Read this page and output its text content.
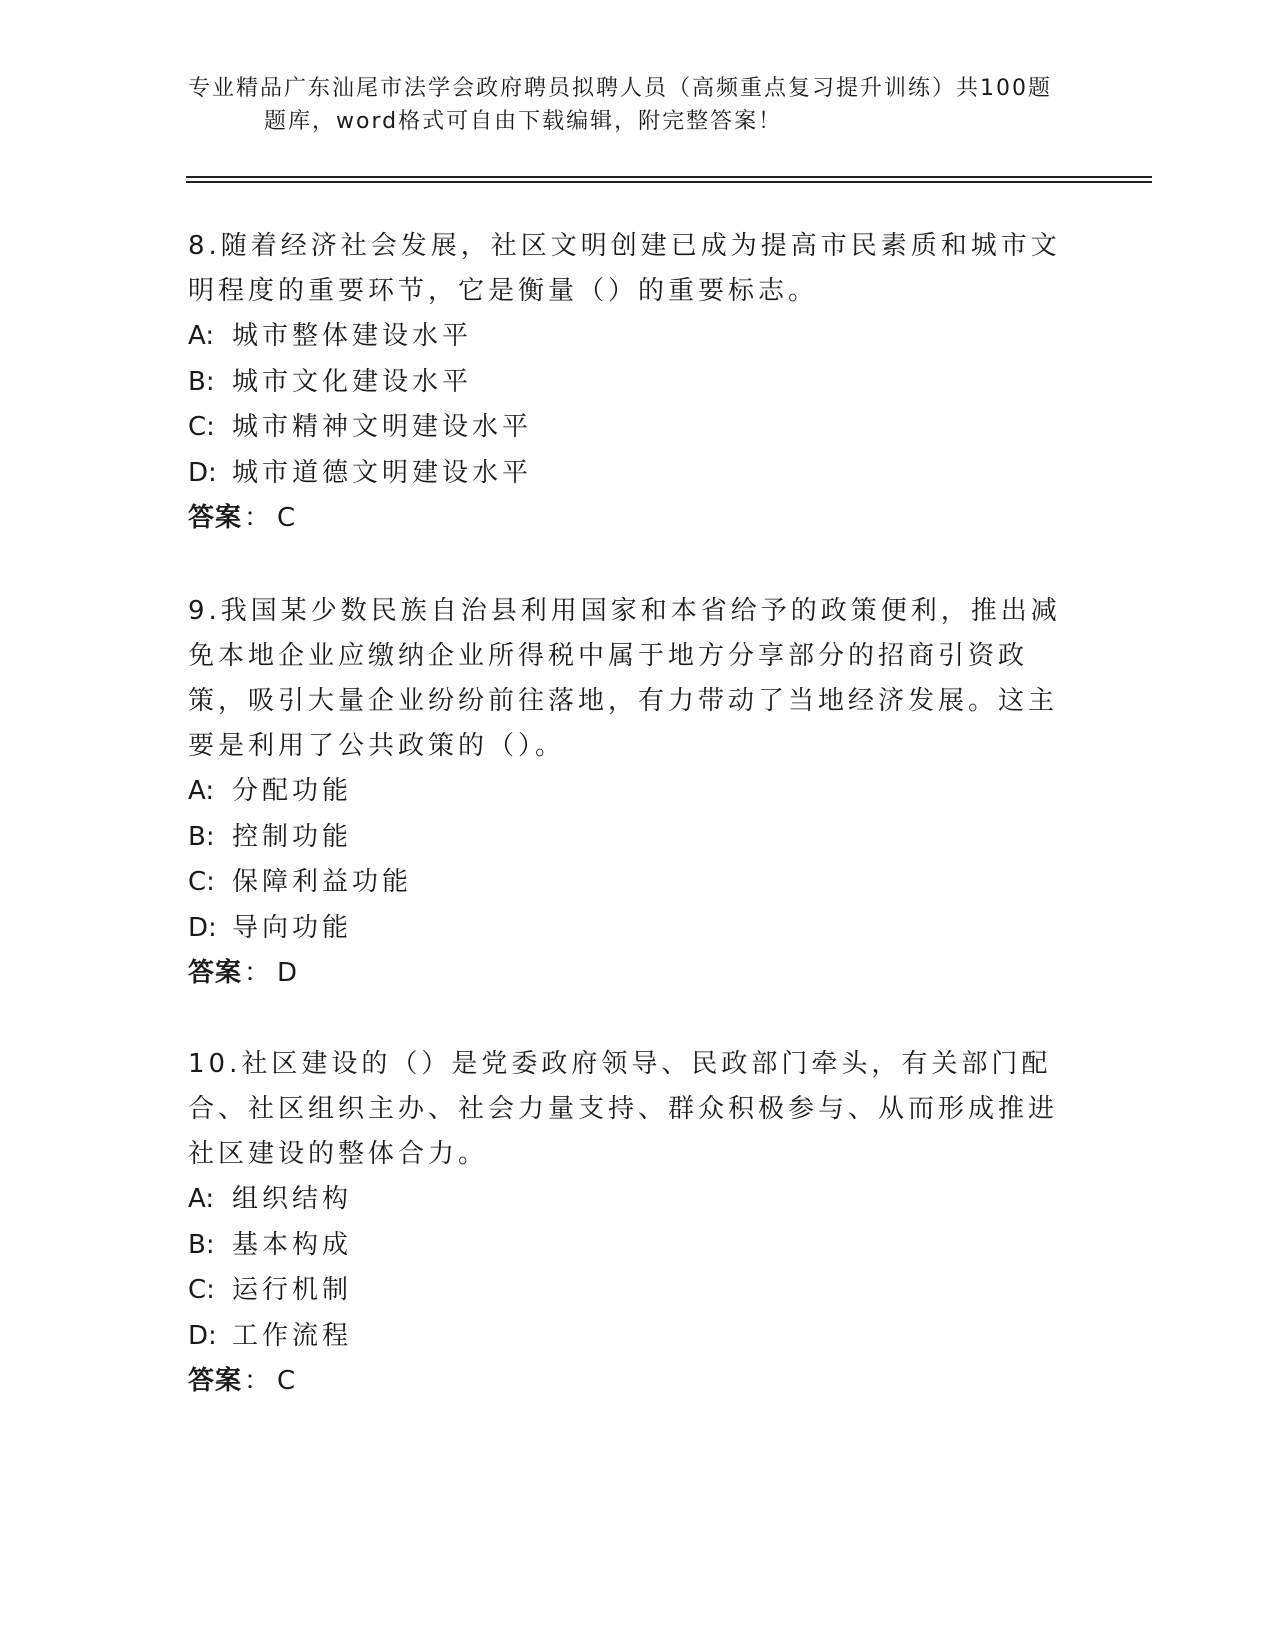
专业精品广东汕尾市法学会政府聘员拟聘人员（高频重点复习提升训练）共100题
题库，word格式可自由下载编辑，附完整答案！
8.随着经济社会发展，社区文明创建已成为提高市民素质和城市文明程度的重要环节，它是衡量（）的重要标志。
A: 城市整体建设水平
B: 城市文化建设水平
C: 城市精神文明建设水平
D: 城市道德文明建设水平
答案： C
9.我国某少数民族自治县利用国家和本省给予的政策便利，推出减免本地企业应缴纳企业所得税中属于地方分享部分的招商引资政策，吸引大量企业纷纷前往落地，有力带动了当地经济发展。这主要是利用了公共政策的（）。
A: 分配功能
B: 控制功能
C: 保障利益功能
D: 导向功能
答案： D
10.社区建设的（）是党委政府领导、民政部门牵头，有关部门配合、社区组织主办、社会力量支持、群众积极参与、从而形成推进社区建设的整体合力。
A: 组织结构
B: 基本构成
C: 运行机制
D: 工作流程
答案： C
